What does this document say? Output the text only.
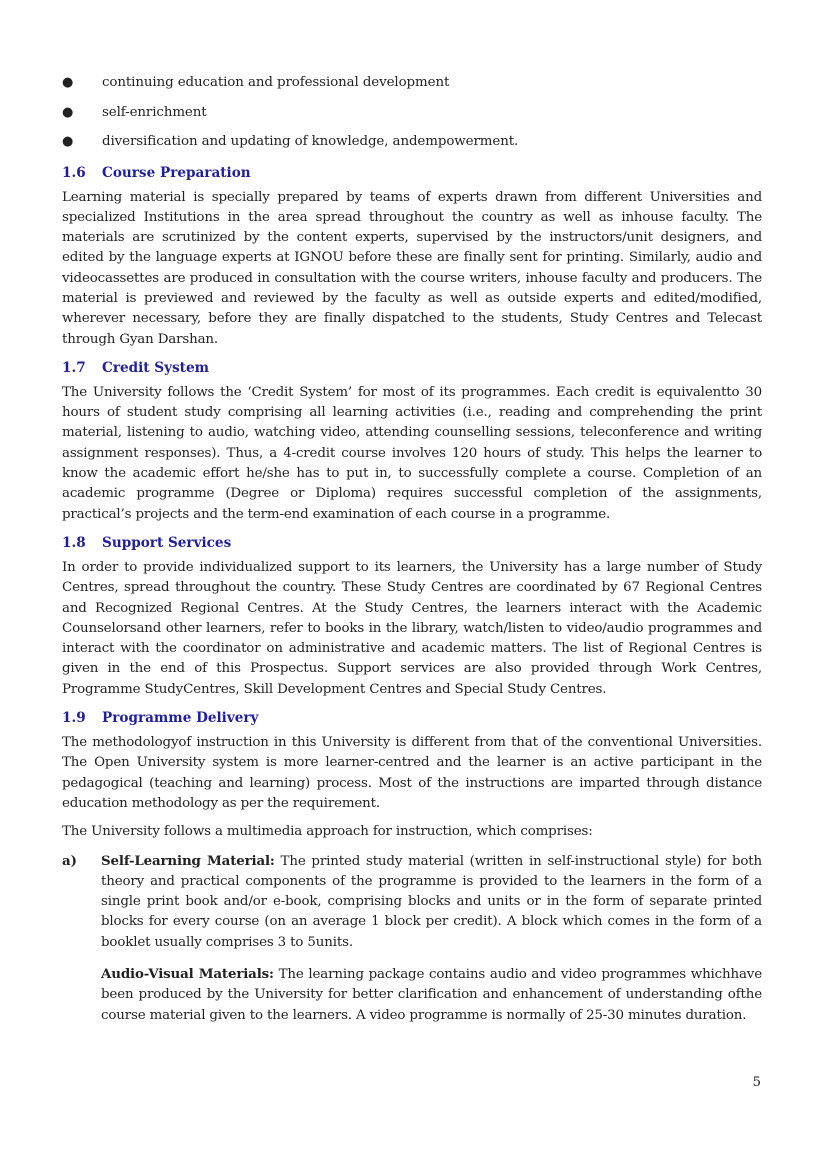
● continuing education and professional development
● self-enrichment
● diversification and updating of knowledge, andempowerment.
1.6 Course Preparation

Learning material is specially prepared by teams of experts drawn from different Universities and specialized Institutions in the area spread throughout the country as well as inhouse faculty. The materials are scrutinized by the content experts, supervised by the instructors/unit designers, and edited by the language experts at IGNOU before these are finally sent for printing. Similarly, audio and videocassettes are produced in consultation with the course writers, inhouse faculty and producers. The material is previewed and reviewed by the faculty as well as outside experts and edited/modified, wherever necessary, before they are finally dispatched to the students, Study Centres and Telecast through Gyan Darshan.

1.7 Credit System

The University follows the ‘Credit System’ for most of its programmes. Each credit is equivalentto 30 hours of student study comprising all learning activities (i.e., reading and comprehending the print material, listening to audio, watching video, attending counselling sessions, teleconference and writing assignment responses). Thus, a 4-credit course involves 120 hours of study. This helps the learner to know the academic effort he/she has to put in, to successfully complete a course. Completion of an academic programme (Degree or Diploma) requires successful completion of the assignments, practical’s projects and the term-end examination of each course in a programme.

1.8 Support Services

In order to provide individualized support to its learners, the University has a large number of Study Centres, spread throughout the country. These Study Centres are coordinated by 67 Regional Centres and Recognized Regional Centres. At the Study Centres, the learners interact with the Academic Counselorsand other learners, refer to books in the library, watch/listen to video/audio programmes and interact with the coordinator on administrative and academic matters. The list of Regional Centres is given in the end of this Prospectus. Support services are also provided through Work Centres, Programme StudyCentres, Skill Development Centres and Special Study Centres.

1.9 Programme Delivery

The methodologyof instruction in this University is different from that of the conventional Universities. The Open University system is more learner-centred and the learner is an active participant in the pedagogical (teaching and learning) process. Most of the instructions are imparted through distance education methodology as per the requirement.

The University follows a multimedia approach for instruction, which comprises:

a) Self-Learning Material: The printed study material (written in self-instructional style) for both theory and practical components of the programme is provided to the learners in the form of a single print book and/or e-book, comprising blocks and units or in the form of separate printed blocks for every course (on an average 1 block per credit). A block which comes in the form of a booklet usually comprises 3 to 5units.

Audio-Visual Materials: The learning package contains audio and video programmes whichhave been produced by the University for better clarification and enhancement of understanding ofthe course material given to the learners. A video programme is normally of 25-30 minutes duration.

5
